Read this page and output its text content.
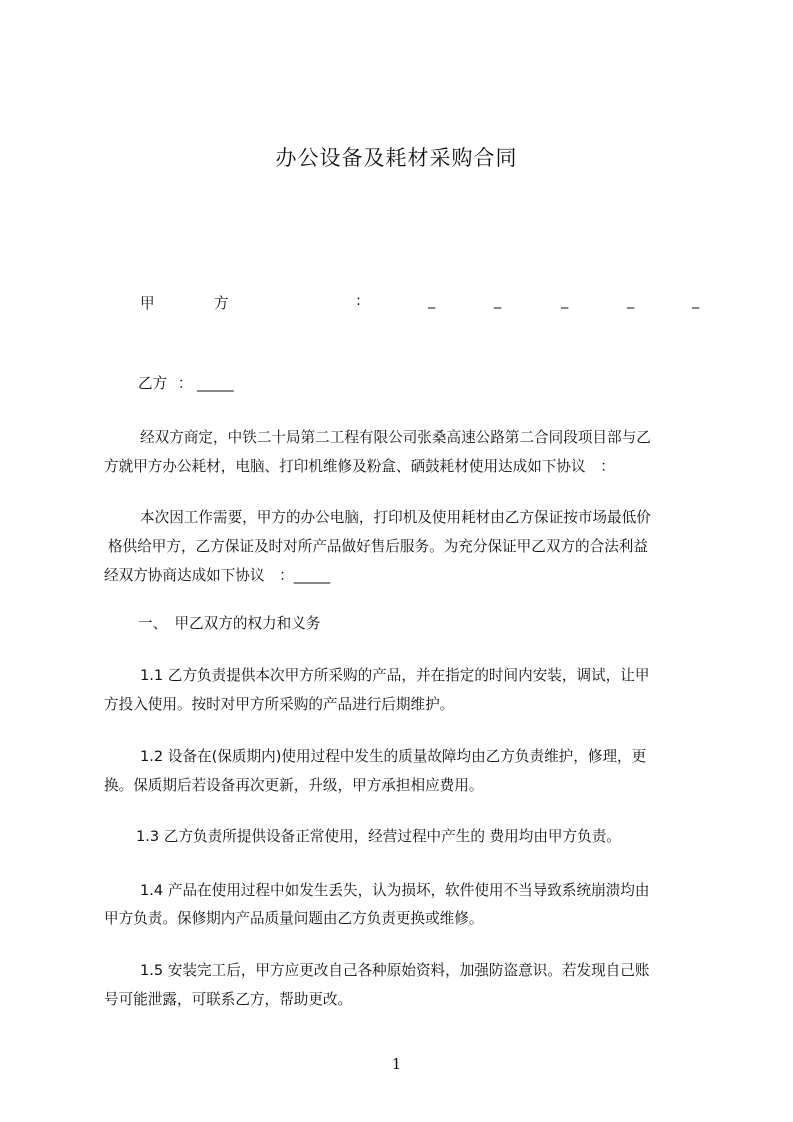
办公设备及耗材采购合同
甲	方	:	_	_	_	_	_
乙方 ： _____
经双方商定，中铁二十局第二工程有限公司张桑高速公路第二合同段项目部与乙
方就甲方办公耗材，电脑、打印机维修及粉盒、硒鼓耗材使用达成如下协议　：
本次因工作需要，甲方的办公电脑，打印机及使用耗材由乙方保证按市场最低价
格供给甲方，乙方保证及时对所产品做好售后服务。为充分保证甲乙双方的合法利益
经双方协商达成如下协议　：_____
一、　甲乙双方的权力和义务
1.1 乙方负责提供本次甲方所采购的产品，并在指定的时间内安装，调试，让甲
方投入使用。按时对甲方所采购的产品进行后期维护。
1.2 设备在(保质期内)使用过程中发生的质量故障均由乙方负责维护，修理，更
换。保质期后若设备再次更新，升级，甲方承担相应费用。
1.3 乙方负责所提供设备正常使用，经营过程中产生的 费用均由甲方负责。
1.4 产品在使用过程中如发生丢失，认为损坏，软件使用不当导致系统崩溃均由
甲方负责。保修期内产品质量问题由乙方负责更换或维修。
1.5 安装完工后，甲方应更改自己各种原始资料，加强防盗意识。若发现自己账
号可能泄露，可联系乙方，帮助更改。
1
